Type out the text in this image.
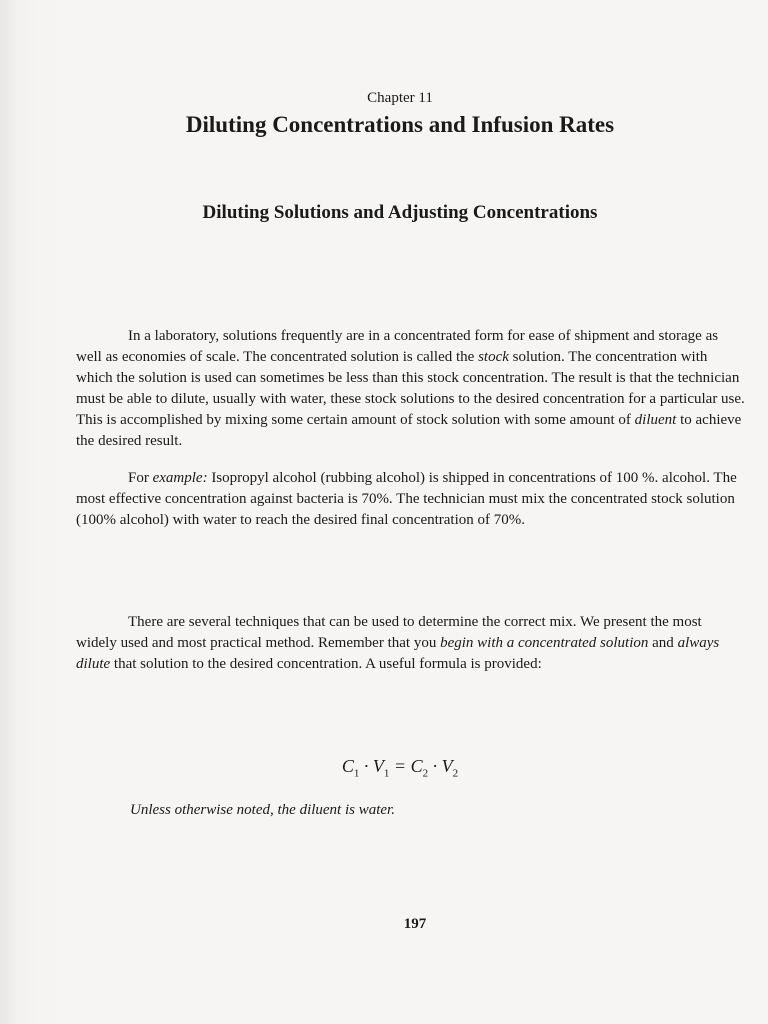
Chapter 11
Diluting Concentrations and Infusion Rates
Diluting Solutions and Adjusting Concentrations

In a laboratory, solutions frequently are in a concentrated form for ease of shipment and storage as well as economies of scale. The concentrated solution is called the stock solution. The concentration with which the solution is used can sometimes be less than this stock concentration. The result is that the technician must be able to dilute, usually with water, these stock solutions to the desired concentration for a particular use. This is accomplished by mixing some certain amount of stock solution with some amount of diluent to achieve the desired result.

For example: Isopropyl alcohol (rubbing alcohol) is shipped in concentrations of 100 %. alcohol. The most effective concentration against bacteria is 70%. The technician must mix the concentrated stock solution (100% alcohol) with water to reach the desired final concentration of 70%.

There are several techniques that can be used to determine the correct mix. We present the most widely used and most practical method. Remember that you begin with a concentrated solution and always dilute that solution to the desired concentration. A useful formula is provided:

$C_1 \cdot V_1 = C_2 \cdot V_2$
Unless otherwise noted, the diluent is water.
197
